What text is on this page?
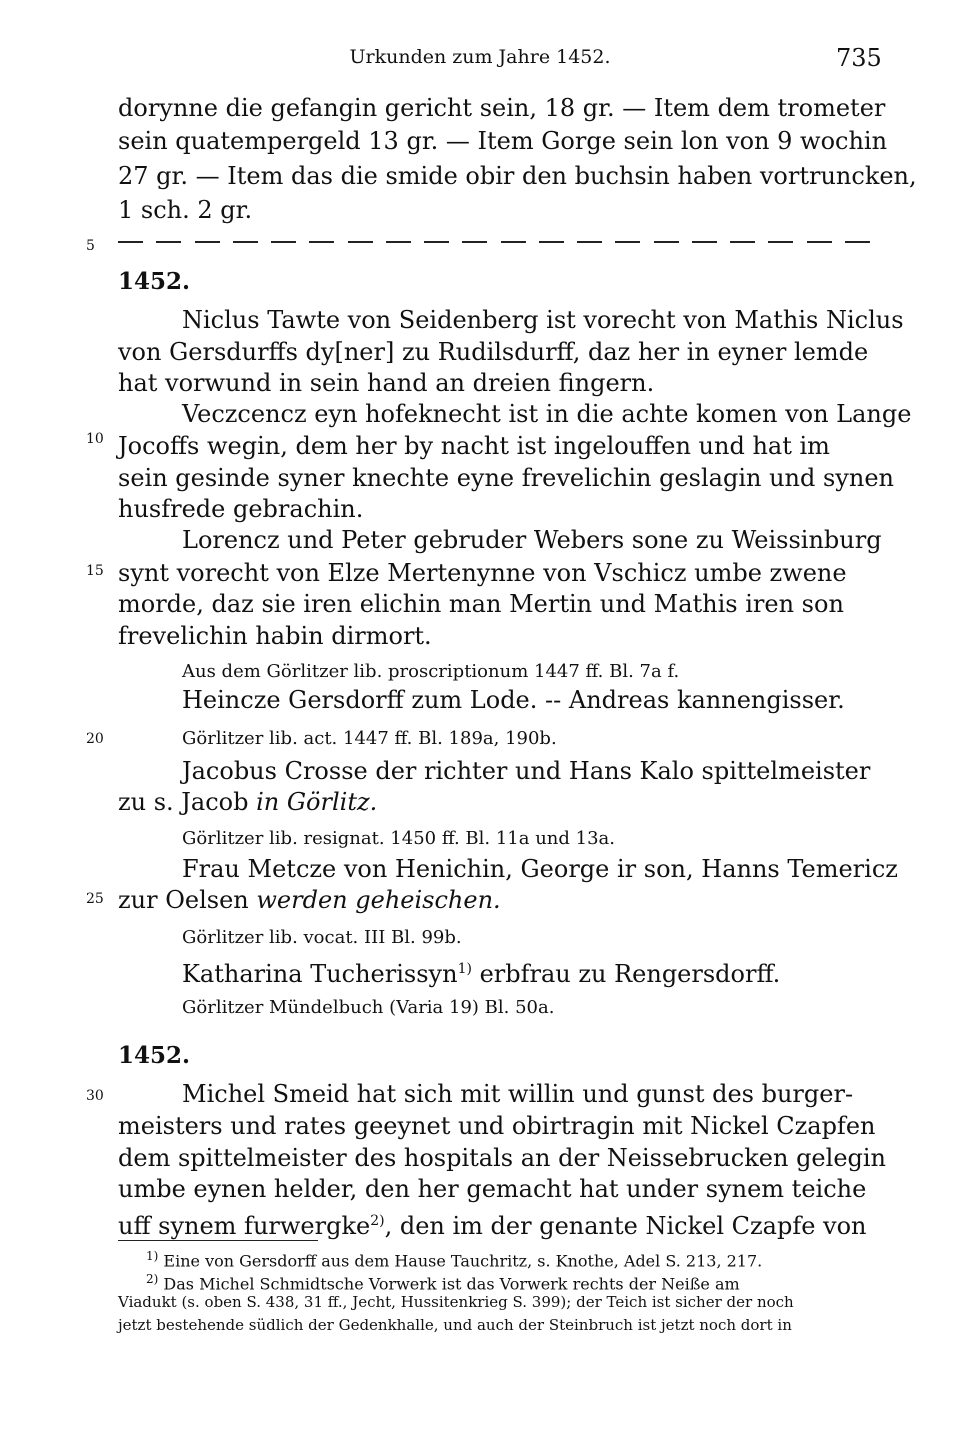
Urkunden zum Jahre 1452.	735
5
10
15
20
25
30
dorynne die gefangin gericht sein, 18 gr. — Item dem trometer
sein quatempergeld 13 gr. — Item Gorge sein lon von 9 wochin
27 gr. — Item das die smide obir den buchsin haben vortruncken,
1 sch. 2 gr.
1452.
Niclus Tawte von Seidenberg ist vorecht von Mathis Niclus
von Gersdurffs dy[ner] zu Rudilsdurff, daz her in eyner lemde
hat vorwund in sein hand an dreien fingern.
Veczcencz eyn hofeknecht ist in die achte komen von Lange
Jocoffs wegin, dem her by nacht ist ingelouffen und hat im
sein gesinde syner knechte eyne frevelichin geslagin und synen
husfrede gebrachin.
Lorencz und Peter gebruder Webers sone zu Weissinburg
synt vorecht von Elze Mertenynne von Vschicz umbe zwene
morde, daz sie iren elichin man Mertin und Mathis iren son
frevelichin habin dirmort.
Aus dem Görlitzer lib. proscriptionum 1447 ff. Bl. 7a f.
Heincze Gersdorff zum Lode. -- Andreas kannengisser.
Görlitzer lib. act. 1447 ff. Bl. 189a, 190b.
Jacobus Crosse der richter und Hans Kalo spittelmeister
zu s. Jacob in Görlitz.
Görlitzer lib. resignat. 1450 ff. Bl. 11a und 13a.
Frau Metcze von Henichin, George ir son, Hanns Temericz
zur Oelsen werden geheischen.
Görlitzer lib. vocat. III Bl. 99b.
Katharina Tucherissyn$^{1)}$ erbfrau zu Rengersdorff.
Görlitzer Mündelbuch (Varia 19) Bl. 50a.
1452.
Michel Smeid hat sich mit willin und gunst des burger-
meisters und rates geeynet und obirtragin mit Nickel Czapfen
dem spittelmeister des hospitals an der Neissebrucken gelegin
umbe eynen helder, den her gemacht hat under synem teiche
uff synem furwergke$^{2)}$, den im der genante Nickel Czapfe von
$^{1)}$ Eine von Gersdorff aus dem Hause Tauchritz, s. Knothe, Adel S. 213, 217.
$^{2)}$ Das Michel Schmidtsche Vorwerk ist das Vorwerk rechts der Neiße am
Viadukt (s. oben S. 438, 31 ff., Jecht, Hussitenkrieg S. 399); der Teich ist sicher der noch
jetzt bestehende südlich der Gedenkhalle, und auch der Steinbruch ist jetzt noch dort in
